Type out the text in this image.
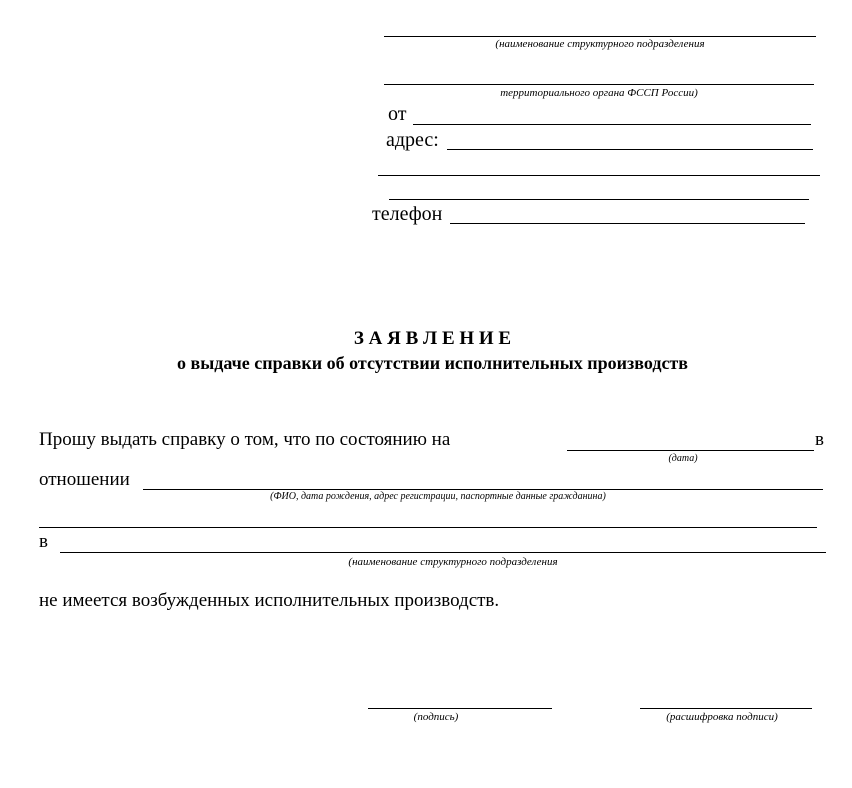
(наименование структурного подразделения
территориального органа ФССП России)
от
адрес:
телефон
З А Я В Л Е Н И Е
о выдаче справки об отсутствии исполнительных производств
Прошу выдать справку о том, что по состоянию на	в
(дата)
отношении
(ФИО, дата рождения, адрес регистрации, паспортные данные гражданина)
в
(наименование структурного подразделения
не имеется возбужденных исполнительных производств.
(подпись)	(расшифровка подписи)
